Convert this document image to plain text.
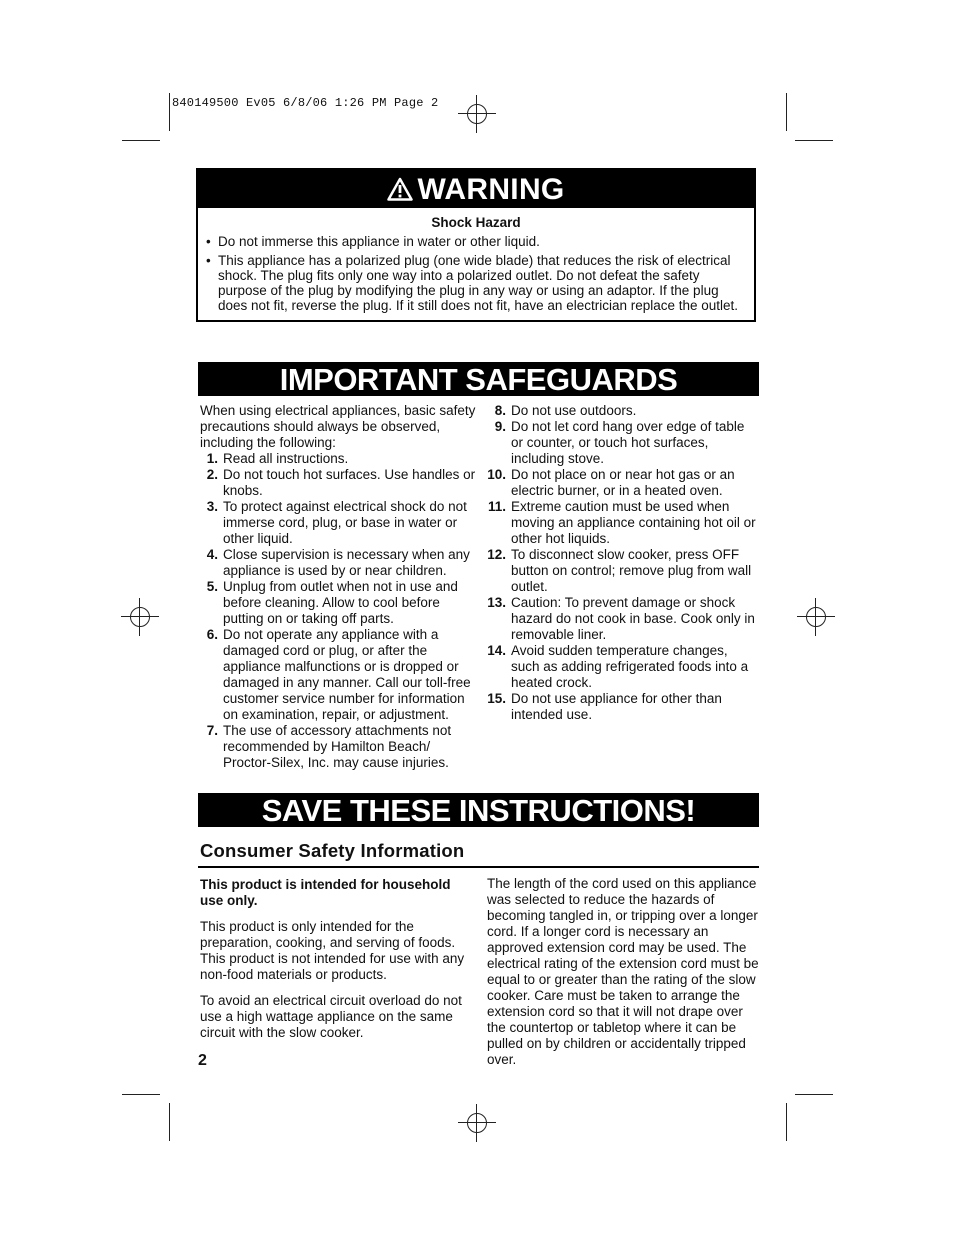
840149500 Ev05 6/8/06 1:26 PM Page 2
WARNING
Shock Hazard
• Do not immerse this appliance in water or other liquid.
• This appliance has a polarized plug (one wide blade) that reduces the risk of electrical shock. The plug fits only one way into a polarized outlet. Do not defeat the safety purpose of the plug by modifying the plug in any way or using an adaptor. If the plug does not fit, reverse the plug. If it still does not fit, have an electrician replace the outlet.
IMPORTANT SAFEGUARDS
When using electrical appliances, basic safety precautions should always be observed, including the following:
1. Read all instructions.
2. Do not touch hot surfaces. Use handles or knobs.
3. To protect against electrical shock do not immerse cord, plug, or base in water or other liquid.
4. Close supervision is necessary when any appliance is used by or near children.
5. Unplug from outlet when not in use and before cleaning. Allow to cool before putting on or taking off parts.
6. Do not operate any appliance with a damaged cord or plug, or after the appliance malfunctions or is dropped or damaged in any manner. Call our toll-free customer service number for information on examination, repair, or adjustment.
7. The use of accessory attachments not recommended by Hamilton Beach/ Proctor-Silex, Inc. may cause injuries.
8. Do not use outdoors.
9. Do not let cord hang over edge of table or counter, or touch hot surfaces, including stove.
10. Do not place on or near hot gas or an electric burner, or in a heated oven.
11. Extreme caution must be used when moving an appliance containing hot oil or other hot liquids.
12. To disconnect slow cooker, press OFF button on control; remove plug from wall outlet.
13. Caution: To prevent damage or shock hazard do not cook in base. Cook only in removable liner.
14. Avoid sudden temperature changes, such as adding refrigerated foods into a heated crock.
15. Do not use appliance for other than intended use.
SAVE THESE INSTRUCTIONS!
Consumer Safety Information

This product is intended for household use only.

This product is only intended for the preparation, cooking, and serving of foods. This product is not intended for use with any non-food materials or products.

To avoid an electrical circuit overload do not use a high wattage appliance on the same circuit with the slow cooker.

The length of the cord used on this appliance was selected to reduce the hazards of becoming tangled in, or tripping over a longer cord. If a longer cord is necessary an approved extension cord may be used. The electrical rating of the extension cord must be equal to or greater than the rating of the slow cooker. Care must be taken to arrange the extension cord so that it will not drape over the countertop or tabletop where it can be pulled on by children or accidentally tripped over.
2
